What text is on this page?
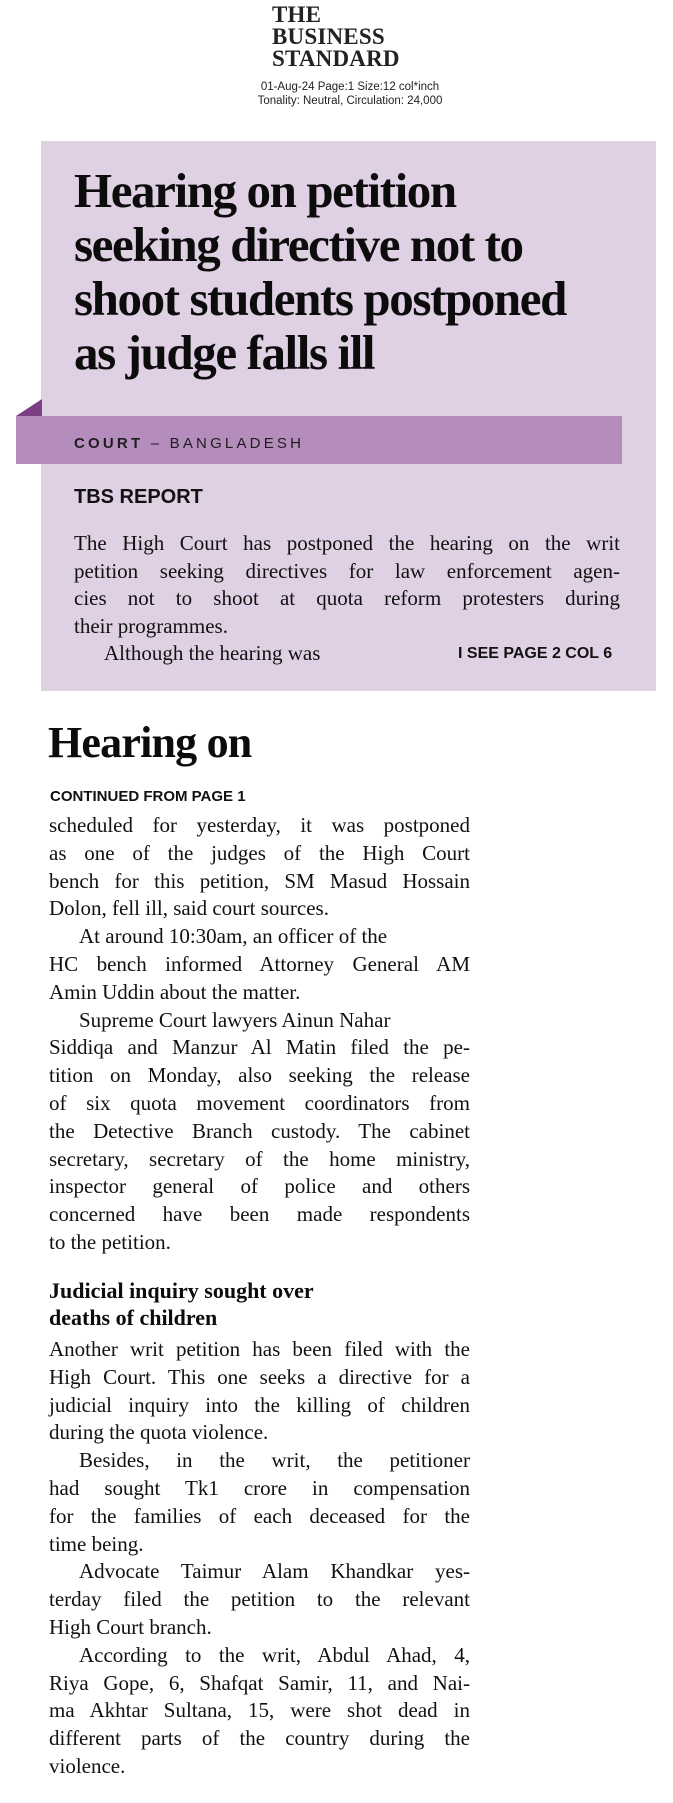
THE
BUSINESS
STANDARD
01-Aug-24 Page:1 Size:12 col*inch
Tonality: Neutral, Circulation: 24,000
Hearing on petition
seeking directive not to
shoot students postponed
as judge falls ill
COURT – BANGLADESH
TBS REPORT
The High Court has postponed the hearing on the writ
petition seeking directives for law enforcement agen-
cies not to shoot at quota reform protesters during
their programmes.
Although the hearing was	I SEE PAGE 2 COL 6
Hearing on
CONTINUED FROM PAGE 1
scheduled for yesterday, it was postponed
as one of the judges of the High Court
bench for this petition, SM Masud Hossain
Dolon, fell ill, said court sources.
At around 10:30am, an officer of the
HC bench informed Attorney General AM
Amin Uddin about the matter.
Supreme Court lawyers Ainun Nahar
Siddiqa and Manzur Al Matin filed the pe-
tition on Monday, also seeking the release
of six quota movement coordinators from
the Detective Branch custody. The cabinet
secretary, secretary of the home ministry,
inspector general of police and others
concerned have been made respondents
to the petition.
Judicial inquiry sought over
deaths of children
Another writ petition has been filed with the
High Court. This one seeks a directive for a
judicial inquiry into the killing of children
during the quota violence.
Besides, in the writ, the petitioner
had sought Tk1 crore in compensation
for the families of each deceased for the
time being.
Advocate Taimur Alam Khandkar yes-
terday filed the petition to the relevant
High Court branch.
According to the writ, Abdul Ahad, 4,
Riya Gope, 6, Shafqat Samir, 11, and Nai-
ma Akhtar Sultana, 15, were shot dead in
different parts of the country during the
violence.
